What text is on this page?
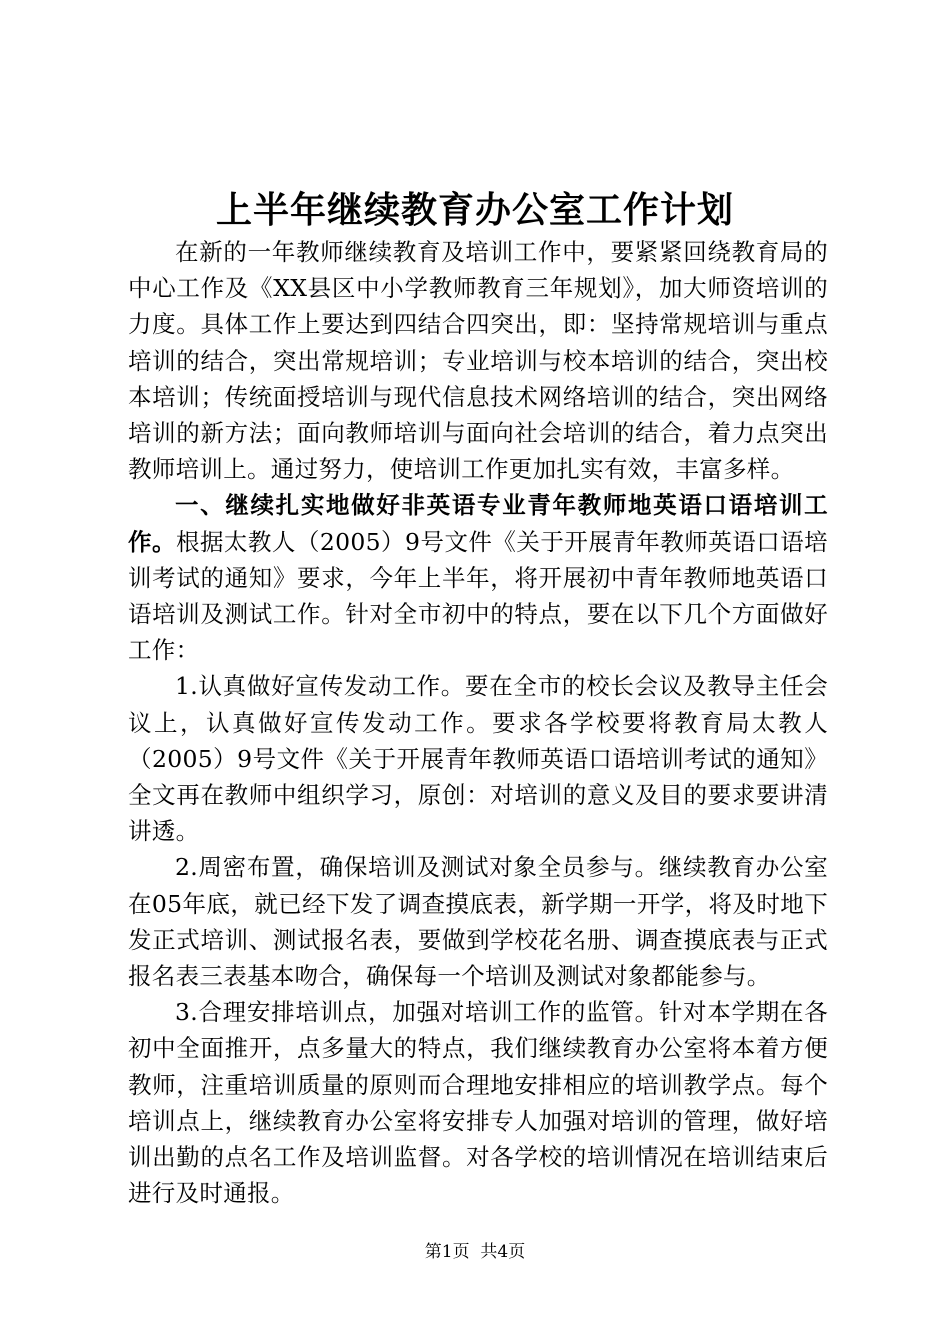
上半年继续教育办公室工作计划

在新的一年教师继续教育及培训工作中，要紧紧回绕教育局的中心工作及《XX县区中小学教师教育三年规划》，加大师资培训的力度。具体工作上要达到四结合四突出，即：坚持常规培训与重点培训的结合，突出常规培训；专业培训与校本培训的结合，突出校本培训；传统面授培训与现代信息技术网络培训的结合，突出网络培训的新方法；面向教师培训与面向社会培训的结合，着力点突出教师培训上。通过努力，使培训工作更加扎实有效，丰富多样。

一、继续扎实地做好非英语专业青年教师地英语口语培训工作。根据太教人（2005）9号文件《关于开展青年教师英语口语培训考试的通知》要求，今年上半年，将开展初中青年教师地英语口语培训及测试工作。针对全市初中的特点，要在以下几个方面做好工作：

1.认真做好宣传发动工作。要在全市的校长会议及教导主任会议上，认真做好宣传发动工作。要求各学校要将教育局太教人（2005）9号文件《关于开展青年教师英语口语培训考试的通知》全文再在教师中组织学习，原创：对培训的意义及目的要求要讲清讲透。

2.周密布置，确保培训及测试对象全员参与。继续教育办公室在05年底，就已经下发了调查摸底表，新学期一开学，将及时地下发正式培训、测试报名表，要做到学校花名册、调查摸底表与正式报名表三表基本吻合，确保每一个培训及测试对象都能参与。

3.合理安排培训点，加强对培训工作的监管。针对本学期在各初中全面推开，点多量大的特点，我们继续教育办公室将本着方便教师，注重培训质量的原则而合理地安排相应的培训教学点。每个培训点上，继续教育办公室将安排专人加强对培训的管理，做好培训出勤的点名工作及培训监督。对各学校的培训情况在培训结束后进行及时通报。

第1页  共4页
